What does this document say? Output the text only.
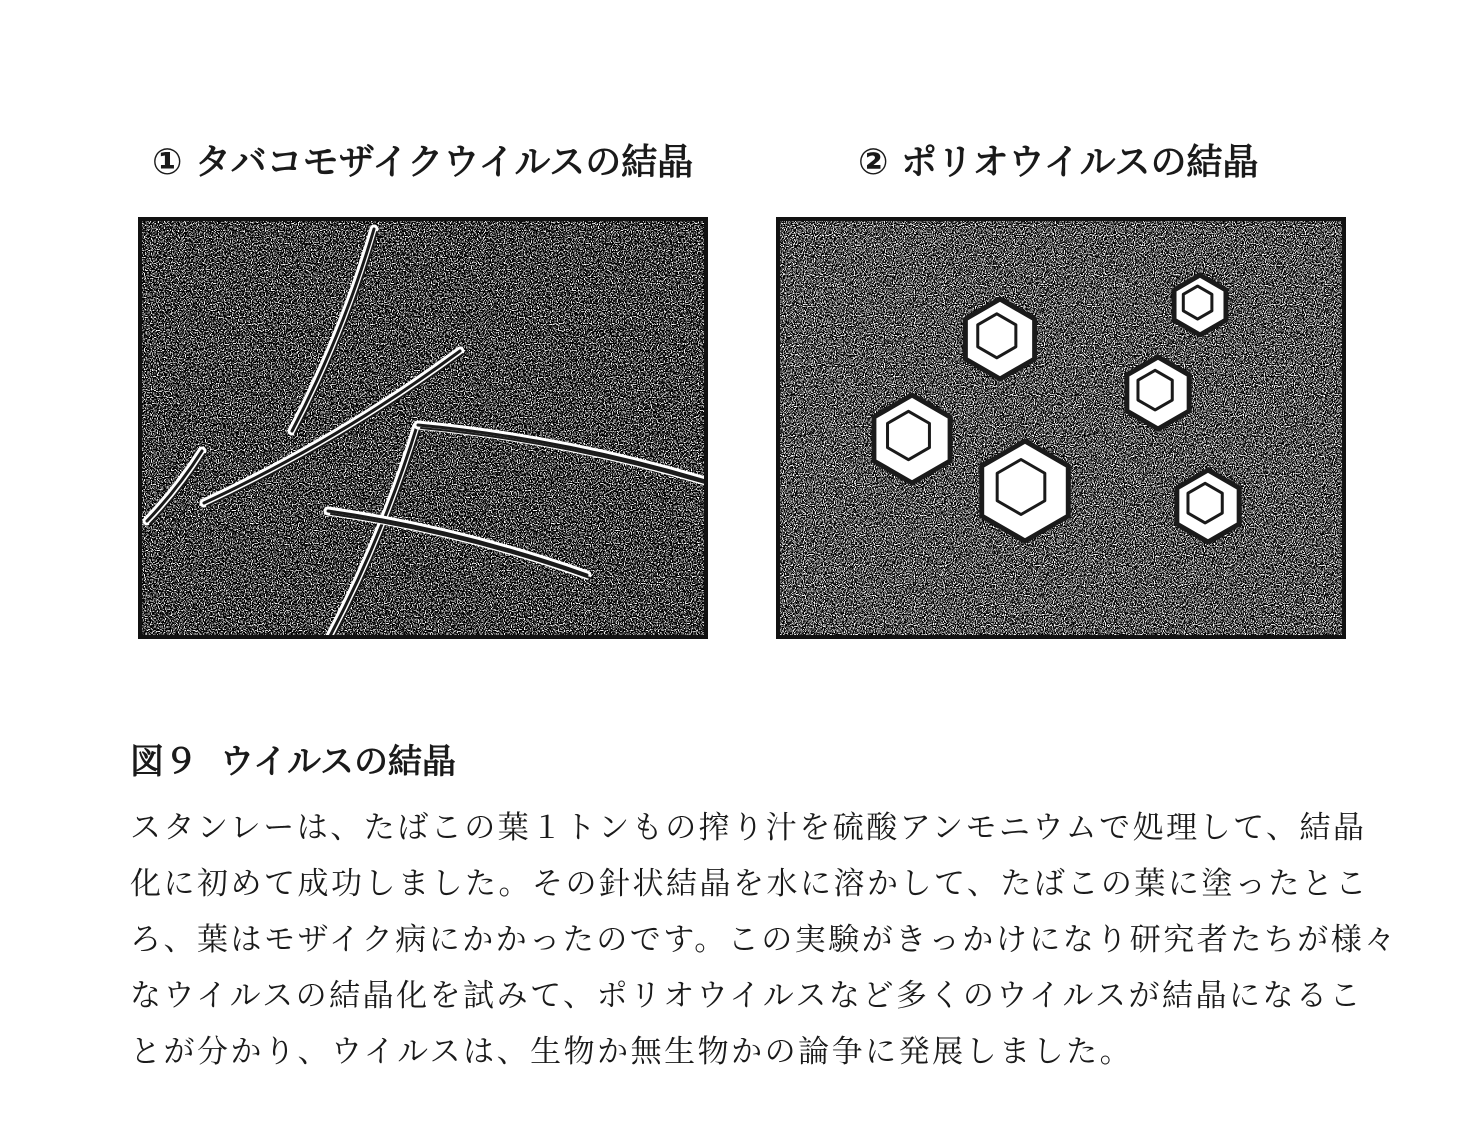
① タバコモザイクウイルスの結晶	② ポリオウイルスの結晶
図９ ウイルスの結晶
スタンレーは、たばこの葉１トンもの搾り汁を硫酸アンモニウムで処理して、結晶
化に初めて成功しました。その針状結晶を水に溶かして、たばこの葉に塗ったとこ
ろ、葉はモザイク病にかかったのです。この実験がきっかけになり研究者たちが様々
なウイルスの結晶化を試みて、ポリオウイルスなど多くのウイルスが結晶になるこ
とが分かり、ウイルスは、生物か無生物かの論争に発展しました。
